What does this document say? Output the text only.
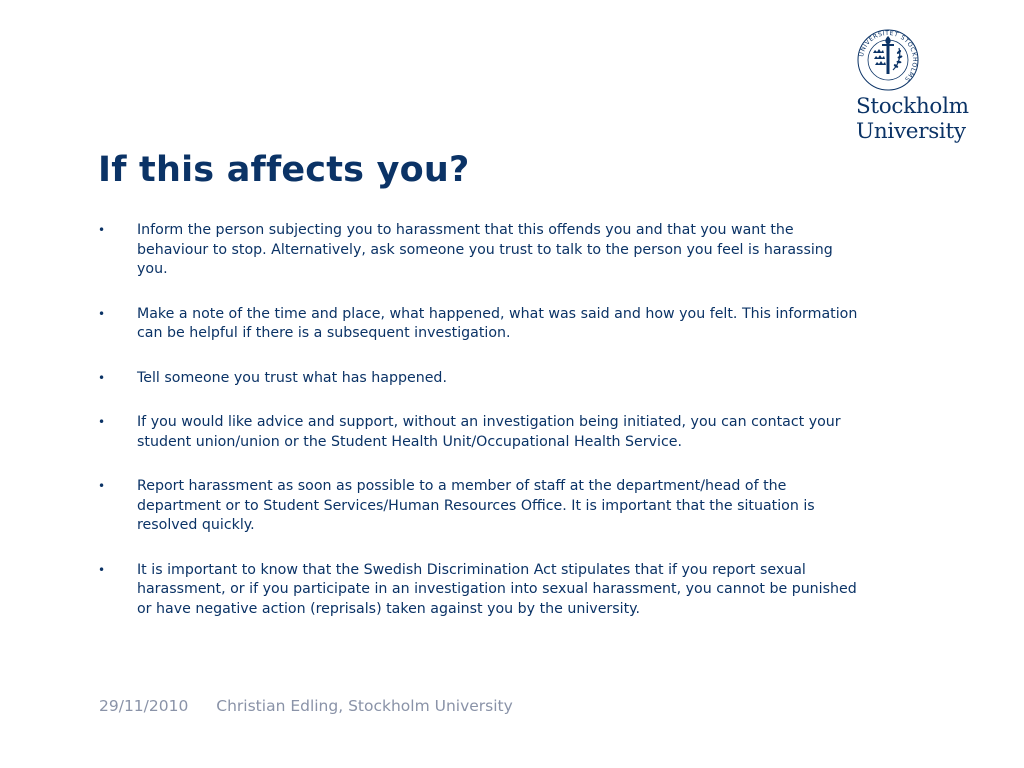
UNIVERSITET STOCKHOLMS
Stockholm
University
If this affects you?
• Inform the person subjecting you to harassment that this offends you and that you want the behaviour to stop. Alternatively, ask someone you trust to talk to the person you feel is harassing you.
• Make a note of the time and place, what happened, what was said and how you felt. This information can be helpful if there is a subsequent investigation.
• Tell someone you trust what has happened.
• If you would like advice and support, without an investigation being initiated, you can contact your student union/union or the Student Health Unit/Occupational Health Service.
• Report harassment as soon as possible to a member of staff at the department/head of the department or to Student Services/Human Resources Office. It is important that the situation is resolved quickly.
• It is important to know that the Swedish Discrimination Act stipulates that if you report sexual harassment, or if you participate in an investigation into sexual harassment, you cannot be punished or have negative action (reprisals) taken against you by the university.
29/11/2010 Christian Edling, Stockholm University
